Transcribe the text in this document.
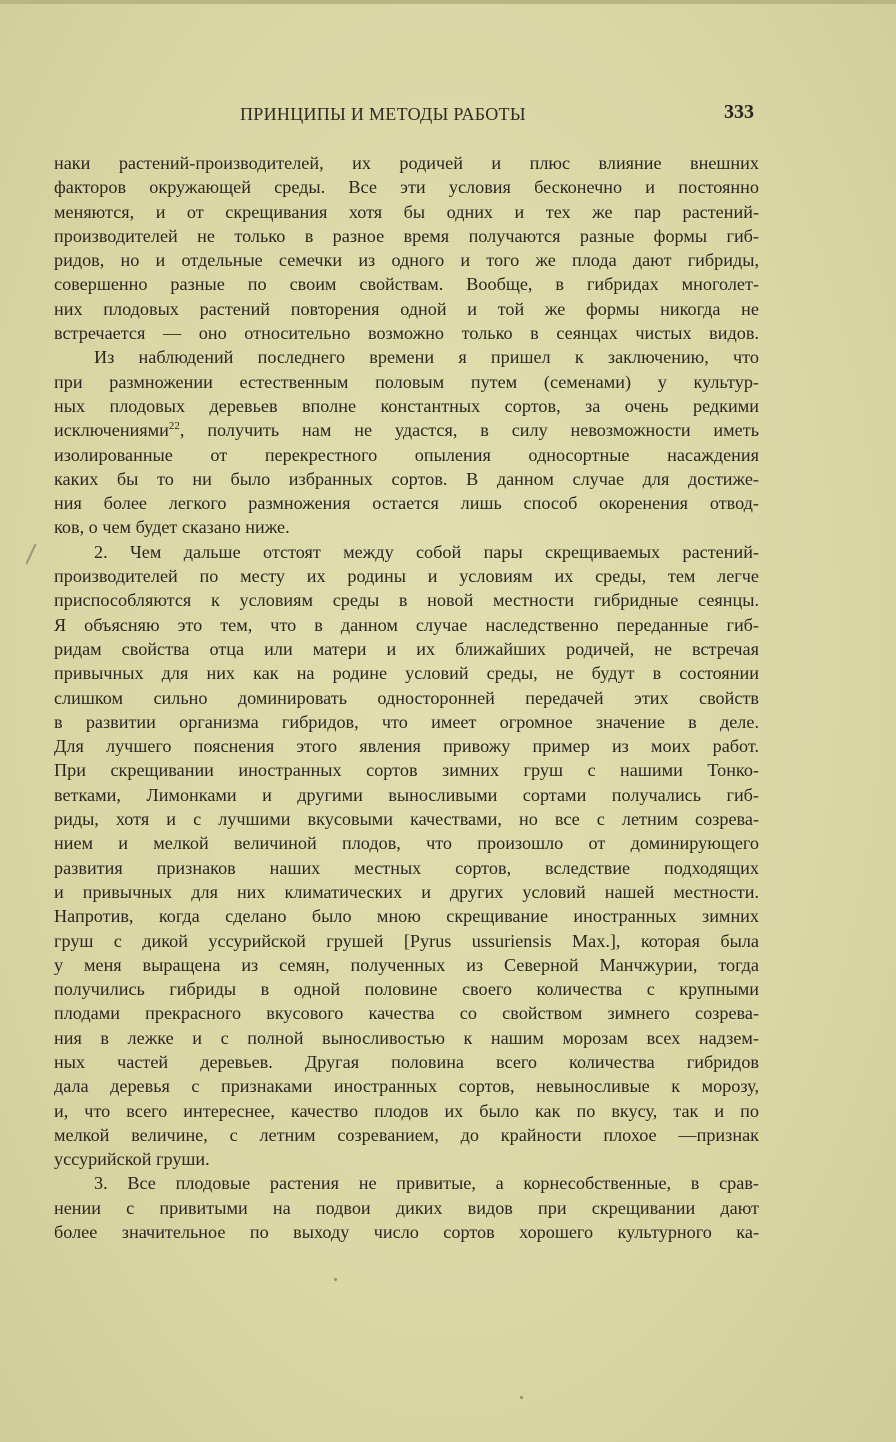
ПРИНЦИПЫ И МЕТОДЫ РАБОТЫ	333

наки растений-производителей, их родичей и плюс влияние внешних

факторов окружающей среды. Все эти условия бесконечно и постоянно

меняются, и от скрещивания хотя бы одних и тех же пар растений-

производителей не только в разное время получаются разные формы гиб-

ридов, но и отдельные семечки из одного и того же плода дают гибриды,

совершенно разные по своим свойствам. Вообще, в гибридах многолет-

них плодовых растений повторения одной и той же формы никогда не

встречается — оно относительно возможно только в сеянцах чистых видов.

Из наблюдений последнего времени я пришел к заключению, что

при размножении естественным половым путем (семенами) у культур-

ных плодовых деревьев вполне константных сортов, за очень редкими

исключениями$^{22}$, получить нам не удастся, в силу невозможности иметь

изолированные от перекрестного опыления односортные насаждения

каких бы то ни было избранных сортов. В данном случае для достиже-

ния более легкого размножения остается лишь способ окоренения отвод-

ков, о чем будет сказано ниже.

2. Чем дальше отстоят между собой пары скрещиваемых растений-

производителей по месту их родины и условиям их среды, тем легче

приспособляются к условиям среды в новой местности гибридные сеянцы.

Я объясняю это тем, что в данном случае наследственно переданные гиб-

ридам свойства отца или матери и их ближайших родичей, не встречая

привычных для них как на родине условий среды, не будут в состоянии

слишком сильно доминировать односторонней передачей этих свойств

в развитии организма гибридов, что имеет огромное значение в деле.

Для лучшего пояснения этого явления привожу пример из моих работ.

При скрещивании иностранных сортов зимних груш с нашими Тонко-

ветками, Лимонками и другими выносливыми сортами получались гиб-

риды, хотя и с лучшими вкусовыми качествами, но все с летним созрева-

нием и мелкой величиной плодов, что произошло от доминирующего

развития признаков наших местных сортов, вследствие подходящих

и привычных для них климатических и других условий нашей местности.

Напротив, когда сделано было мною скрещивание иностранных зимних

груш с дикой уссурийской грушей [Pyrus ussuriensis Max.], которая была

у меня выращена из семян, полученных из Северной Манчжурии, тогда

получились гибриды в одной половине своего количества с крупными

плодами прекрасного вкусового качества со свойством зимнего созрева-

ния в лежке и с полной выносливостью к нашим морозам всех надзем-

ных частей деревьев. Другая половина всего количества гибридов

дала деревья с признаками иностранных сортов, невыносливые к морозу,

и, что всего интереснее, качество плодов их было как по вкусу, так и по

мелкой величине, с летним созреванием, до крайности плохое —признак

уссурийской груши.

3. Все плодовые растения не привитые, а корнесобственные, в срав-

нении с привитыми на подвои диких видов при скрещивании дают

более значительное по выходу число сортов хорошего культурного ка-
